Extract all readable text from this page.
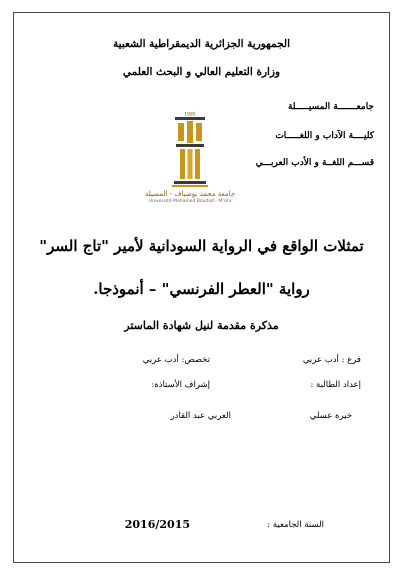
الجمهورية الجزائرية الديمقراطية الشعبية
وزارة التعليم العالي و البحث العلمي
جامعـــــــة المسيـــــلة
كليــــة الآداب و اللغـــــات
قســـم اللغــة و الأدب العربـــي
1985
جامعة محمد بوضياف - المسيلة
Université Mohamed Boudiaf - M'sila
تمثلات الواقع في الرواية السودانية لأمير "تاج السر"
رواية "العطر الفرنسي" – أنموذجا.
مذكرة مقدمة لنيل شهادة الماستر
فرع : أدب عربي
تخصص: أدب عربي
إعداد الطالبة :
إشراف الأستاذة:
خيرة عسلي
العربي عبد القادر
السنة الجامعية :
2016/2015
